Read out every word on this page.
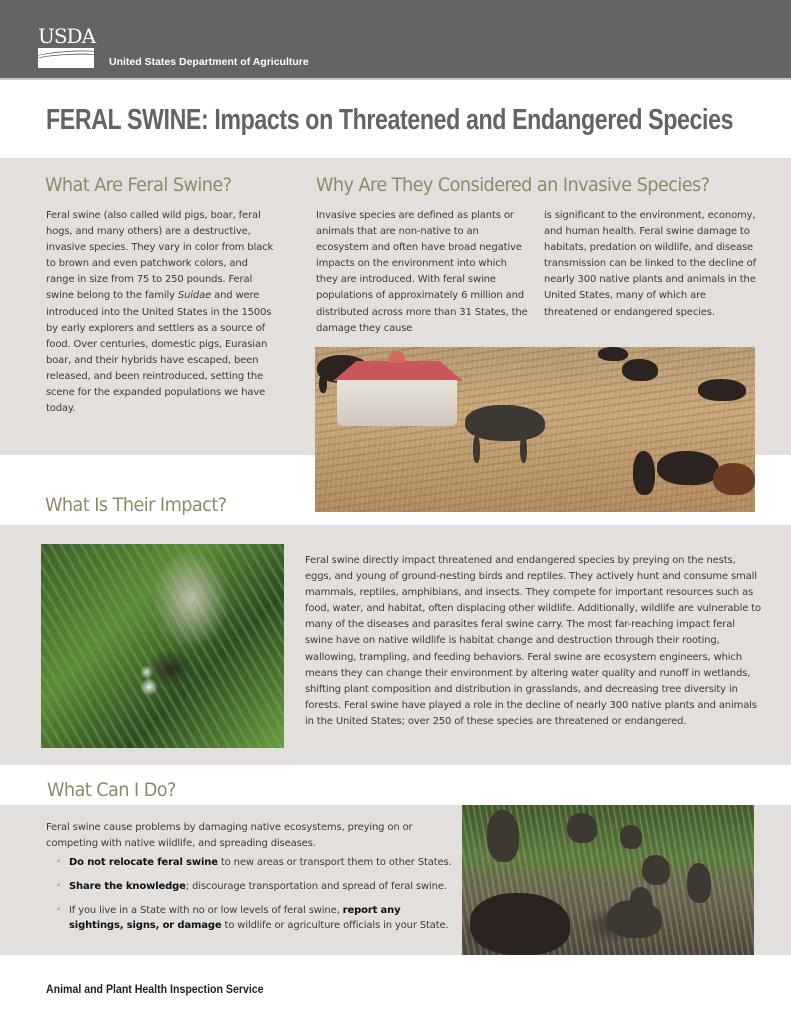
USDA
United States Department of Agriculture
FERAL SWINE: Impacts on Threatened and Endangered Species
What Are Feral Swine?

Feral swine (also called wild pigs, boar, feral hogs, and many others) are a destructive, invasive species. They vary in color from black to brown and even patchwork colors, and range in size from 75 to 250 pounds. Feral swine belong to the family Suidae and were introduced into the United States in the 1500s by early explorers and settlers as a source of food. Over centuries, domestic pigs, Eurasian boar, and their hybrids have escaped, been released, and been reintroduced, setting the scene for the expanded populations we have today.

Why Are They Considered an Invasive Species?

Invasive species are defined as plants or animals that are non-native to an ecosystem and often have broad negative impacts on the environment into which they are introduced. With feral swine populations of approximately 6 million and distributed across more than 31 States, the damage they cause

is significant to the environment, economy, and human health. Feral swine damage to habitats, predation on wildlife, and disease transmission can be linked to the decline of nearly 300 native plants and animals in the United States, many of which are threatened or endangered species.

What Is Their Impact?

Feral swine directly impact threatened and endangered species by preying on the nests, eggs, and young of ground-nesting birds and reptiles. They actively hunt and consume small mammals, reptiles, amphibians, and insects. They compete for important resources such as food, water, and habitat, often displacing other wildlife. Additionally, wildlife are vulnerable to many of the diseases and parasites feral swine carry. The most far-reaching impact feral swine have on native wildlife is habitat change and destruction through their rooting, wallowing, trampling, and feeding behaviors. Feral swine are ecosystem engineers, which means they can change their environment by altering water quality and runoff in wetlands, shifting plant composition and distribution in grasslands, and decreasing tree diversity in forests. Feral swine have played a role in the decline of nearly 300 native plants and animals in the United States; over 250 of these species are threatened or endangered.

What Can I Do?

Feral swine cause problems by damaging native ecosystems, preying on or competing with native wildlife, and spreading diseases.

• Do not relocate feral swine to new areas or transport them to other States.
• Share the knowledge; discourage transportation and spread of feral swine.
• If you live in a State with no or low levels of feral swine, report any sightings, signs, or damage to wildlife or agriculture officials in your State.
Animal and Plant Health Inspection Service
